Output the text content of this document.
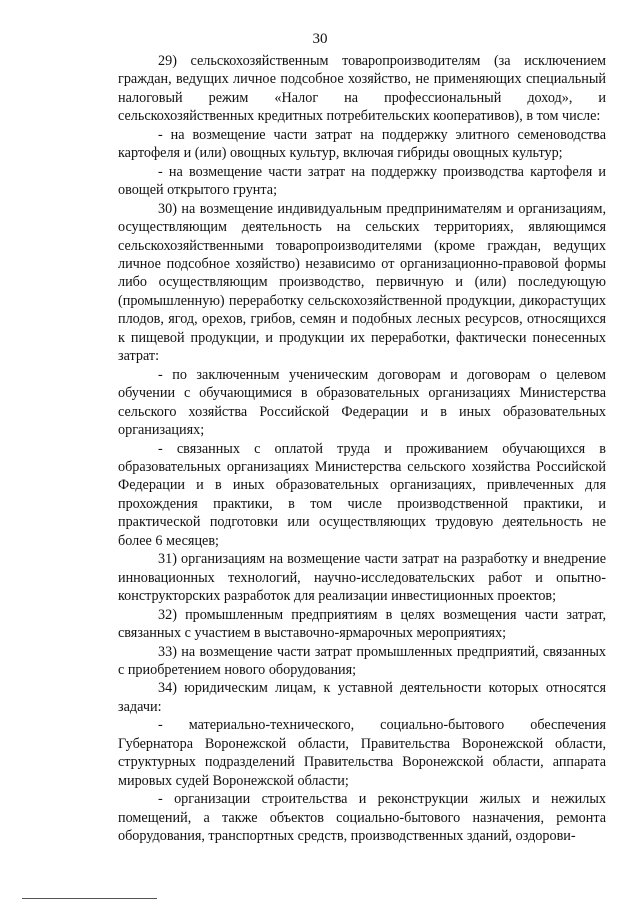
30

29) сельскохозяйственным товаропроизводителям (за исключением граждан, ведущих личное подсобное хозяйство, не применяющих специальный налоговый режим «Налог на профессиональный доход», и сельскохозяйственных кредитных потребительских кооперативов), в том числе:

- на возмещение части затрат на поддержку элитного семеноводства картофеля и (или) овощных культур, включая гибриды овощных культур;

- на возмещение части затрат на поддержку производства картофеля и овощей открытого грунта;

30) на возмещение индивидуальным предпринимателям и организациям, осуществляющим деятельность на сельских территориях, являющимся сельскохозяйственными товаропроизводителями (кроме граждан, ведущих личное подсобное хозяйство) независимо от организационно-правовой формы либо осуществляющим производство, первичную и (или) последующую (промышленную) переработку сельскохозяйственной продукции, дикорастущих плодов, ягод, орехов, грибов, семян и подобных лесных ресурсов, относящихся к пищевой продукции, и продукции их переработки, фактически понесенных затрат:

- по заключенным ученическим договорам и договорам о целевом обучении с обучающимися в образовательных организациях Министерства сельского хозяйства Российской Федерации и в иных образовательных организациях;

- связанных с оплатой труда и проживанием обучающихся в образовательных организациях Министерства сельского хозяйства Российской Федерации и в иных образовательных организациях, привлеченных для прохождения практики, в том числе производственной практики, и практической подготовки или осуществляющих трудовую деятельность не более 6 месяцев;

31) организациям на возмещение части затрат на разработку и внедрение инновационных технологий, научно-исследовательских работ и опытно-конструкторских разработок для реализации инвестиционных проектов;

32) промышленным предприятиям в целях возмещения части затрат, связанных с участием в выставочно-ярмарочных мероприятиях;

33) на возмещение части затрат промышленных предприятий, связанных с приобретением нового оборудования;

34) юридическим лицам, к уставной деятельности которых относятся задачи:

- материально-технического, социально-бытового обеспечения Губернатора Воронежской области, Правительства Воронежской области, структурных подразделений Правительства Воронежской области, аппарата мировых судей Воронежской области;

- организации строительства и реконструкции жилых и нежилых помещений, а также объектов социально-бытового назначения, ремонта оборудования, транспортных средств, производственных зданий, оздорови-
